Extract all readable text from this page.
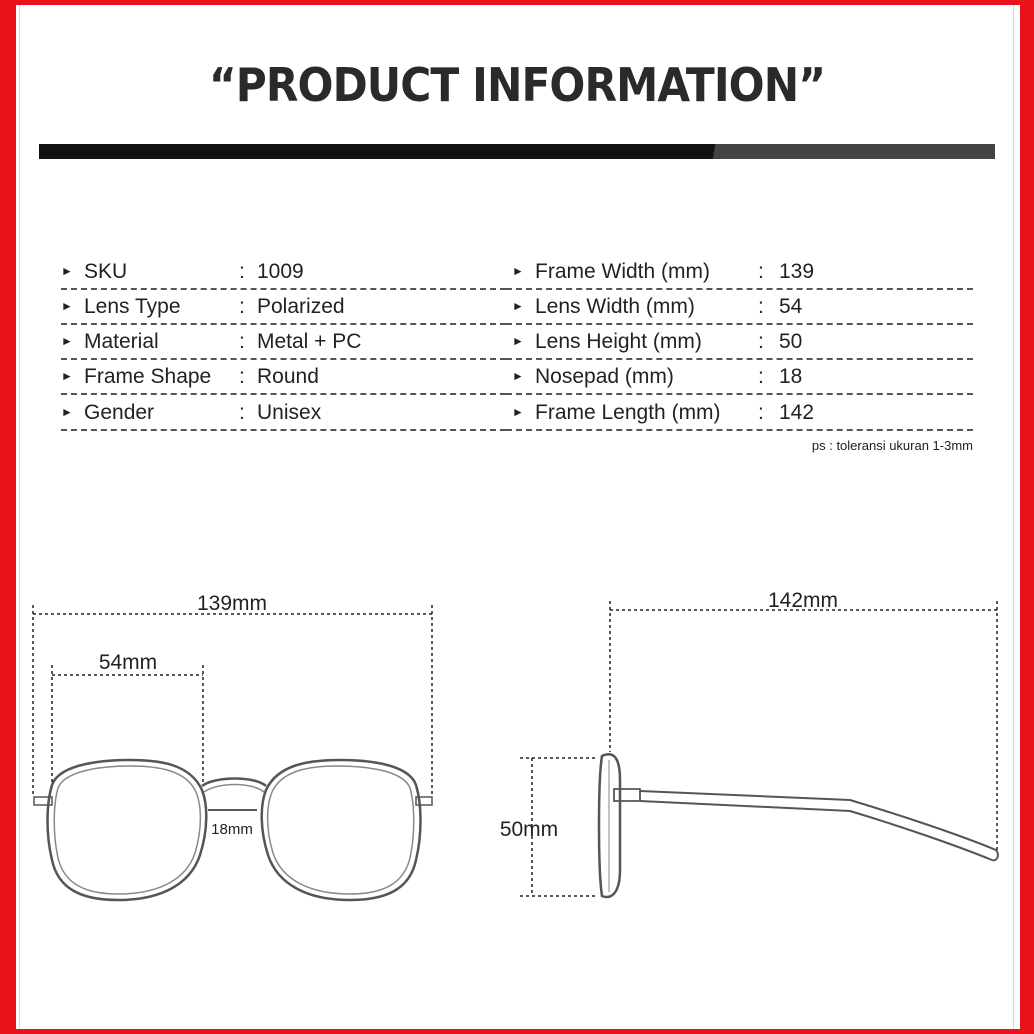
“PRODUCT INFORMATION”
► SKU	: 1009
► Lens Type	: Polarized
► Material	: Metal + PC
► Frame Shape : Round
► Gender	: Unisex
► Frame Width (mm) : 139
► Lens Width (mm)	: 54
► Lens Height (mm)	: 50
► Nosepad (mm)	: 18
► Frame Length (mm) : 142
ps : toleransi ukuran 1-3mm
139mm
54mm
18mm
142mm
50mm
